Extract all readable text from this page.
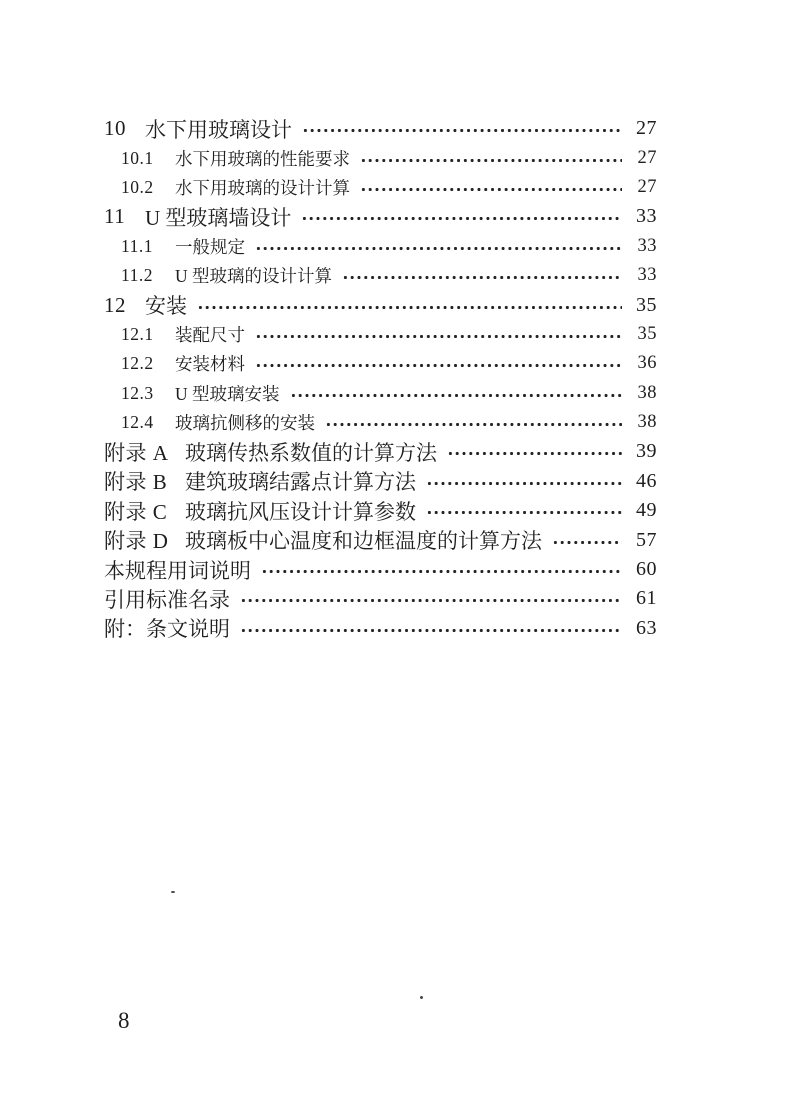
10 水下用玻璃设计	27
10.1	水下用玻璃的性能要求	27
10.2	水下用玻璃的设计计算	27
11 U 型玻璃墙设计	33
11.1	一般规定	33
11.2	U 型玻璃的设计计算	33
12 安装	35
12.1	装配尺寸	35
12.2	安装材料	36
12.3	U 型玻璃安装	38
12.4	玻璃抗侧移的安装	38
附录 A 玻璃传热系数值的计算方法	39
附录 B 建筑玻璃结露点计算方法	46
附录 C 玻璃抗风压设计计算参数	49
附录 D 玻璃板中心温度和边框温度的计算方法	57
本规程用词说明	60
引用标准名录	61
附：条文说明	63
8
